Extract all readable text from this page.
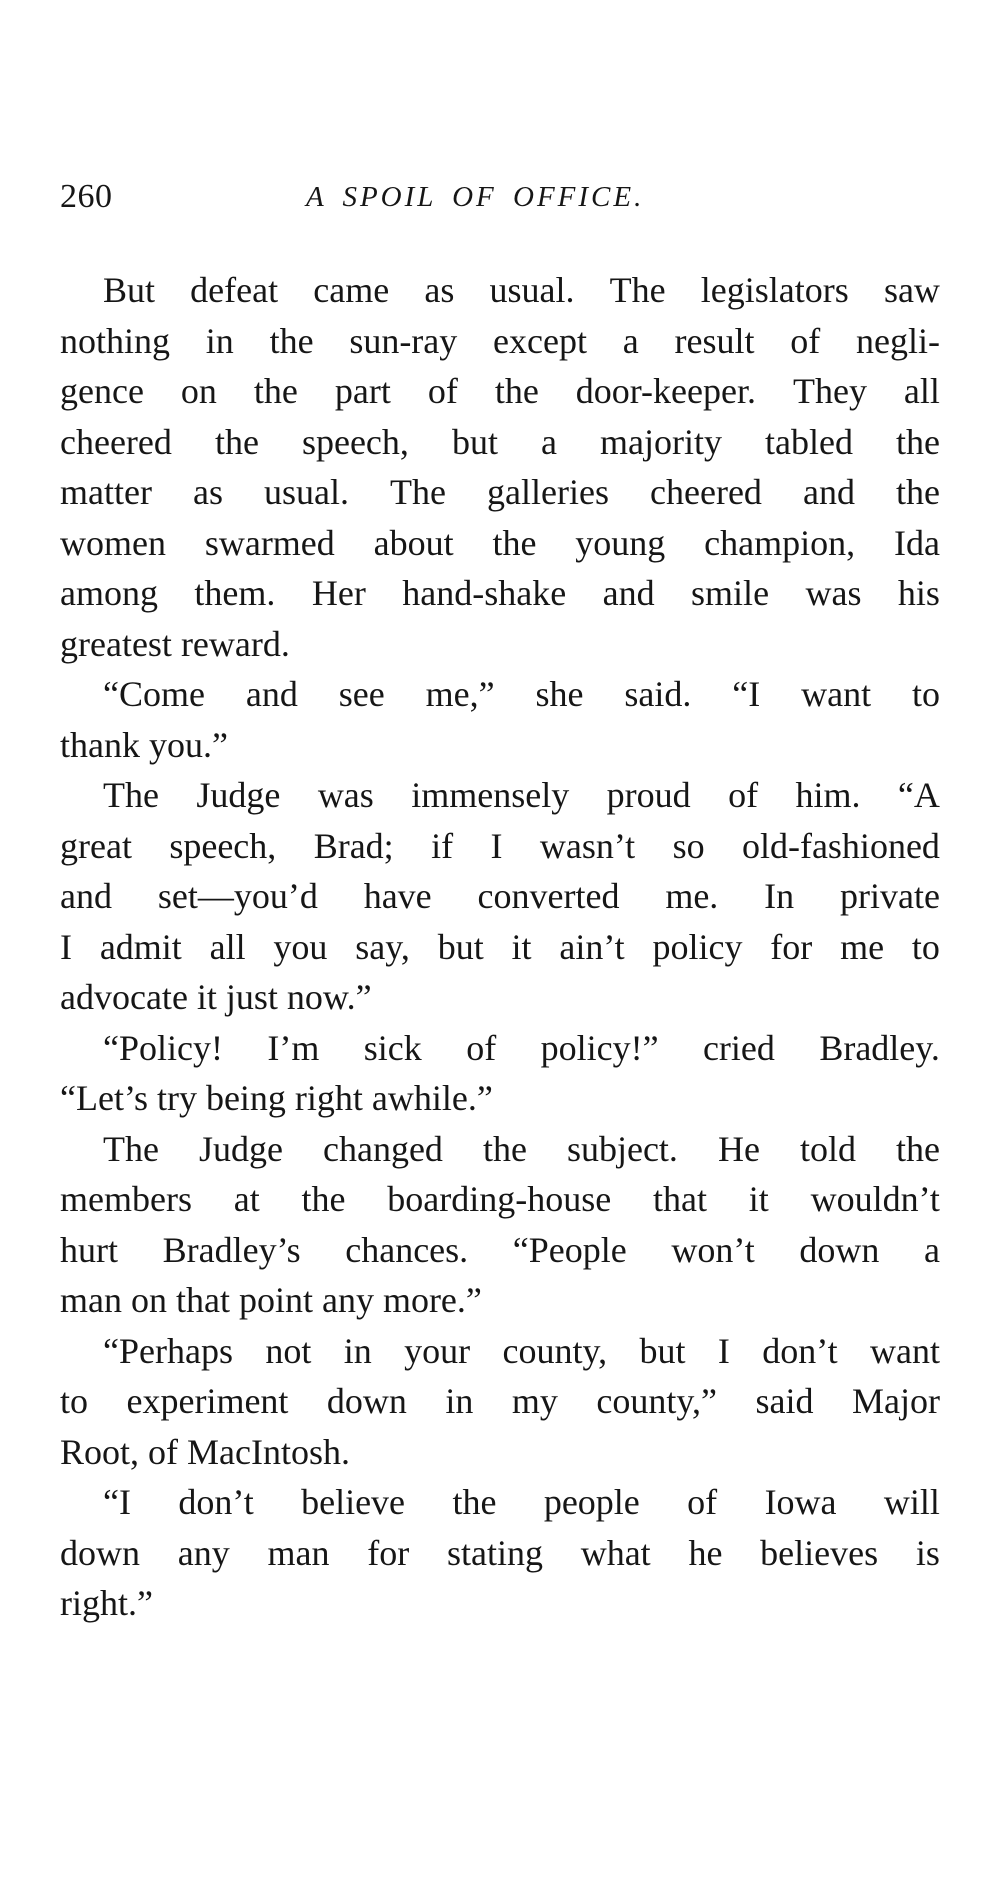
260	A SPOIL OF OFFICE.
But defeat came as usual. The legislators saw
nothing in the sun-ray except a result of negli-
gence on the part of the door-keeper. They all
cheered the speech, but a majority tabled the
matter as usual. The galleries cheered and the
women swarmed about the young champion, Ida
among them. Her hand-shake and smile was his
greatest reward.
“Come and see me,” she said. “I want to
thank you.”
The Judge was immensely proud of him. “A
great speech, Brad; if I wasn’t so old-fashioned
and set—you’d have converted me. In private
I admit all you say, but it ain’t policy for me to
advocate it just now.”
“Policy! I’m sick of policy!” cried Bradley.
“Let’s try being right awhile.”
The Judge changed the subject. He told the
members at the boarding-house that it wouldn’t
hurt Bradley’s chances. “People won’t down a
man on that point any more.”
“Perhaps not in your county, but I don’t want
to experiment down in my county,” said Major
Root, of MacIntosh.
“I don’t believe the people of Iowa will
down any man for stating what he believes is
right.”
